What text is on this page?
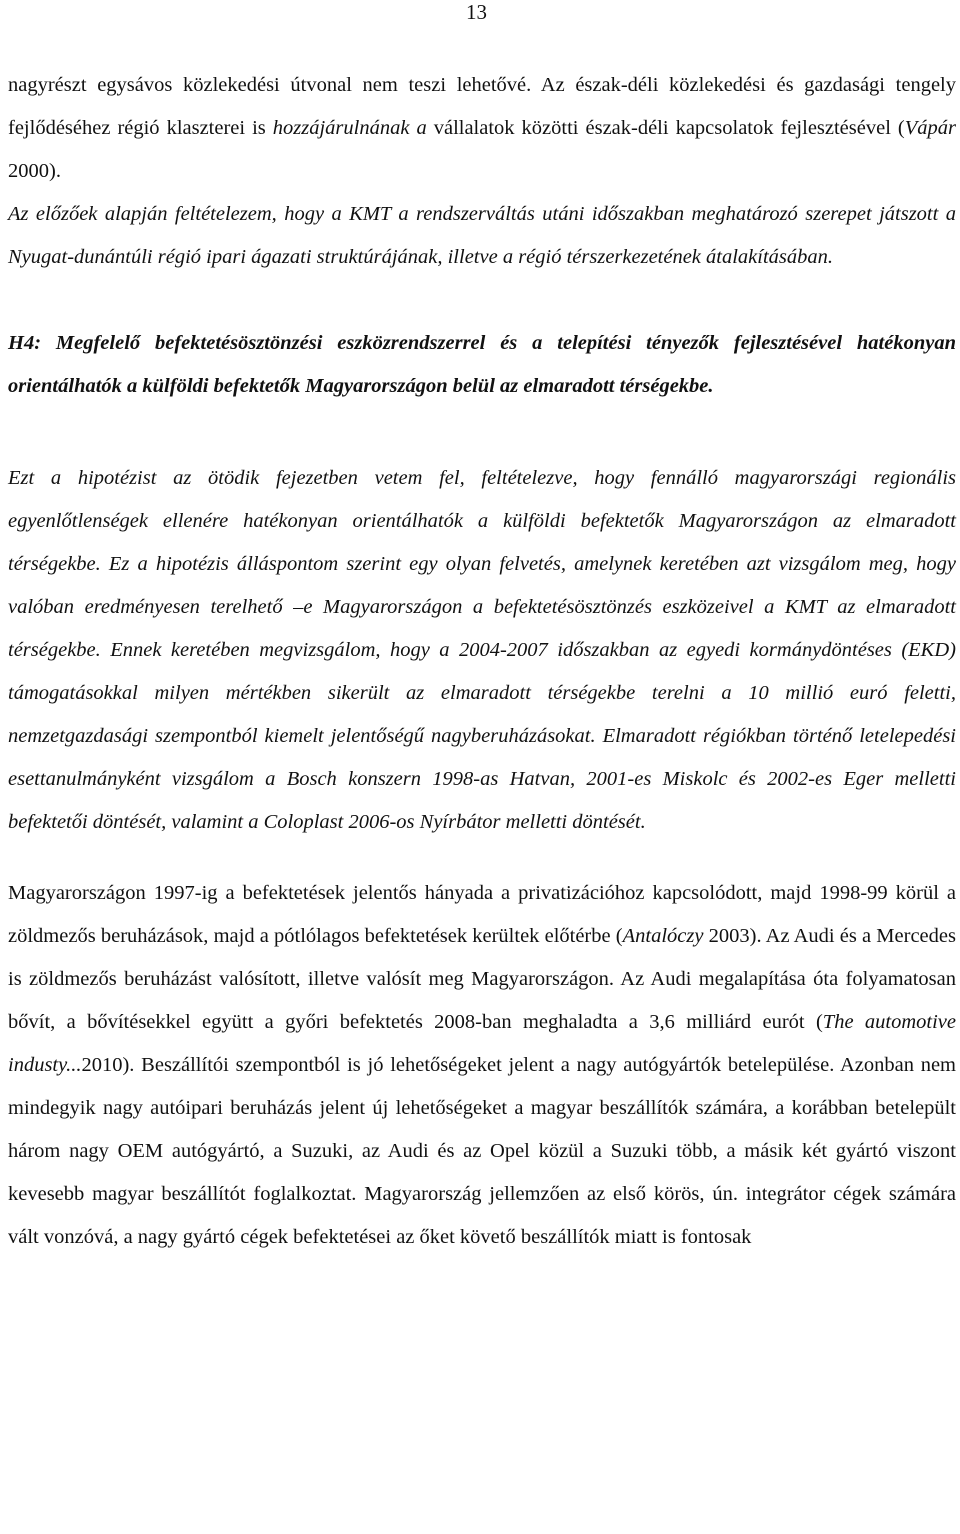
13

nagyrészt egysávos közlekedési útvonal nem teszi lehetővé. Az észak-déli közlekedési és gazdasági tengely fejlődéséhez régió klaszterei is hozzájárulnának a vállalatok közötti észak-déli kapcsolatok fejlesztésével (Vápár 2000).

Az előzőek alapján feltételezem, hogy a KMT a rendszerváltás utáni időszakban meghatározó szerepet játszott a Nyugat-dunántúli régió ipari ágazati struktúrájának, illetve a régió térszerkezetének átalakításában.

H4: Megfelelő befektetésösztönzési eszközrendszerrel és a telepítési tényezők fejlesztésével hatékonyan orientálhatók a külföldi befektetők Magyarországon belül az elmaradott térségekbe.

Ezt a hipotézist az ötödik fejezetben vetem fel, feltételezve, hogy fennálló magyarországi regionális egyenlőtlenségek ellenére hatékonyan orientálhatók a külföldi befektetők Magyarországon az elmaradott térségekbe. Ez a hipotézis álláspontom szerint egy olyan felvetés, amelynek keretében azt vizsgálom meg, hogy valóban eredményesen terelhető –e Magyarországon a befektetésösztönzés eszközeivel a KMT az elmaradott térségekbe. Ennek keretében megvizsgálom, hogy a 2004-2007 időszakban az egyedi kormánydöntéses (EKD) támogatásokkal milyen mértékben sikerült az elmaradott térségekbe terelni a 10 millió euró feletti, nemzetgazdasági szempontból kiemelt jelentőségű nagyberuházásokat. Elmaradott régiókban történő letelepedési esettanulmányként vizsgálom a Bosch konszern 1998-as Hatvan, 2001-es Miskolc és 2002-es Eger melletti befektetői döntését, valamint a Coloplast 2006-os Nyírbátor melletti döntését.

Magyarországon 1997-ig a befektetések jelentős hányada a privatizációhoz kapcsolódott, majd 1998-99 körül a zöldmezős beruházások, majd a pótlólagos befektetések kerültek előtérbe (Antalóczy 2003). Az Audi és a Mercedes is zöldmezős beruházást valósított, illetve valósít meg Magyarországon. Az Audi megalapítása óta folyamatosan bővít, a bővítésekkel együtt a győri befektetés 2008-ban meghaladta a 3,6 milliárd eurót (The automotive industy...2010). Beszállítói szempontból is jó lehetőségeket jelent a nagy autógyártók betelepülése. Azonban nem mindegyik nagy autóipari beruházás jelent új lehetőségeket a magyar beszállítók számára, a korábban betelepült három nagy OEM autógyártó, a Suzuki, az Audi és az Opel közül a Suzuki több, a másik két gyártó viszont kevesebb magyar beszállítót foglalkoztat. Magyarország jellemzően az első körös, ún. integrátor cégek számára vált vonzóvá, a nagy gyártó cégek befektetései az őket követő beszállítók miatt is fontosak
